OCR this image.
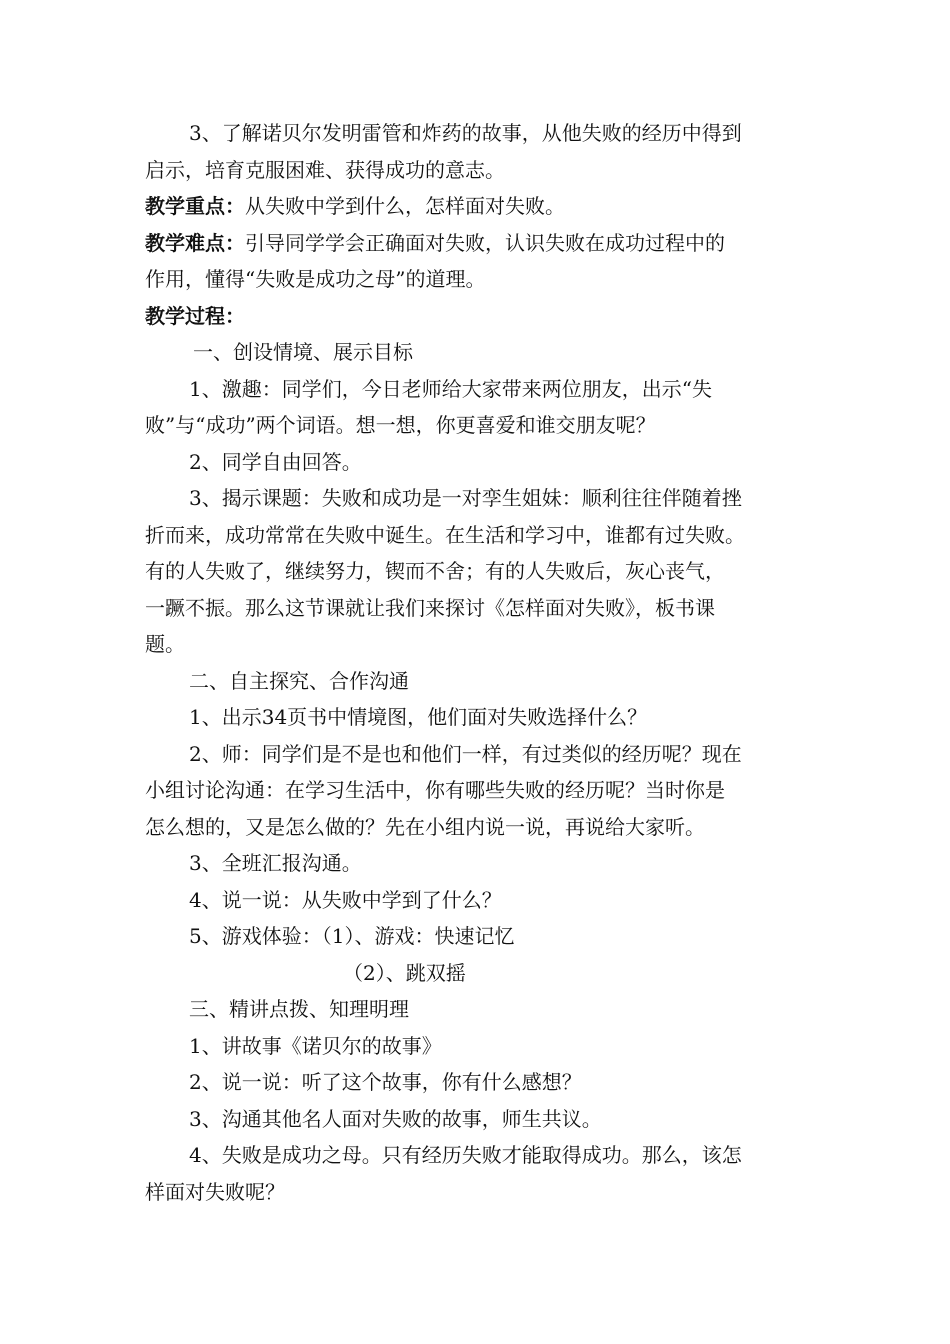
3、了解诺贝尔发明雷管和炸药的故事，从他失败的经历中得到
启示，培育克服困难、获得成功的意志。
教学重点：从失败中学到什么，怎样面对失败。
教学难点：引导同学学会正确面对失败，认识失败在成功过程中的
作用，懂得“失败是成功之母”的道理。
教学过程：
一、创设情境、展示目标
1、激趣：同学们，今日老师给大家带来两位朋友，出示“失
败”与“成功”两个词语。想一想，你更喜爱和谁交朋友呢？
2、同学自由回答。
3、揭示课题：失败和成功是一对孪生姐妹：顺利往往伴随着挫
折而来，成功常常在失败中诞生。在生活和学习中，谁都有过失败。
有的人失败了，继续努力，锲而不舍；有的人失败后，灰心丧气，
一蹶不振。那么这节课就让我们来探讨《怎样面对失败》，板书课
题。
二、自主探究、合作沟通
1、出示34页书中情境图，他们面对失败选择什么？
2、师：同学们是不是也和他们一样，有过类似的经历呢？现在
小组讨论沟通：在学习生活中，你有哪些失败的经历呢？当时你是
怎么想的，又是怎么做的？先在小组内说一说，再说给大家听。
3、全班汇报沟通。
4、说一说：从失败中学到了什么？
5、游戏体验：（1）、游戏：快速记忆
（2）、跳双摇
三、精讲点拨、知理明理
1、讲故事《诺贝尔的故事》
2、说一说：听了这个故事，你有什么感想？
3、沟通其他名人面对失败的故事，师生共议。
4、失败是成功之母。只有经历失败才能取得成功。那么，该怎
样面对失败呢？
